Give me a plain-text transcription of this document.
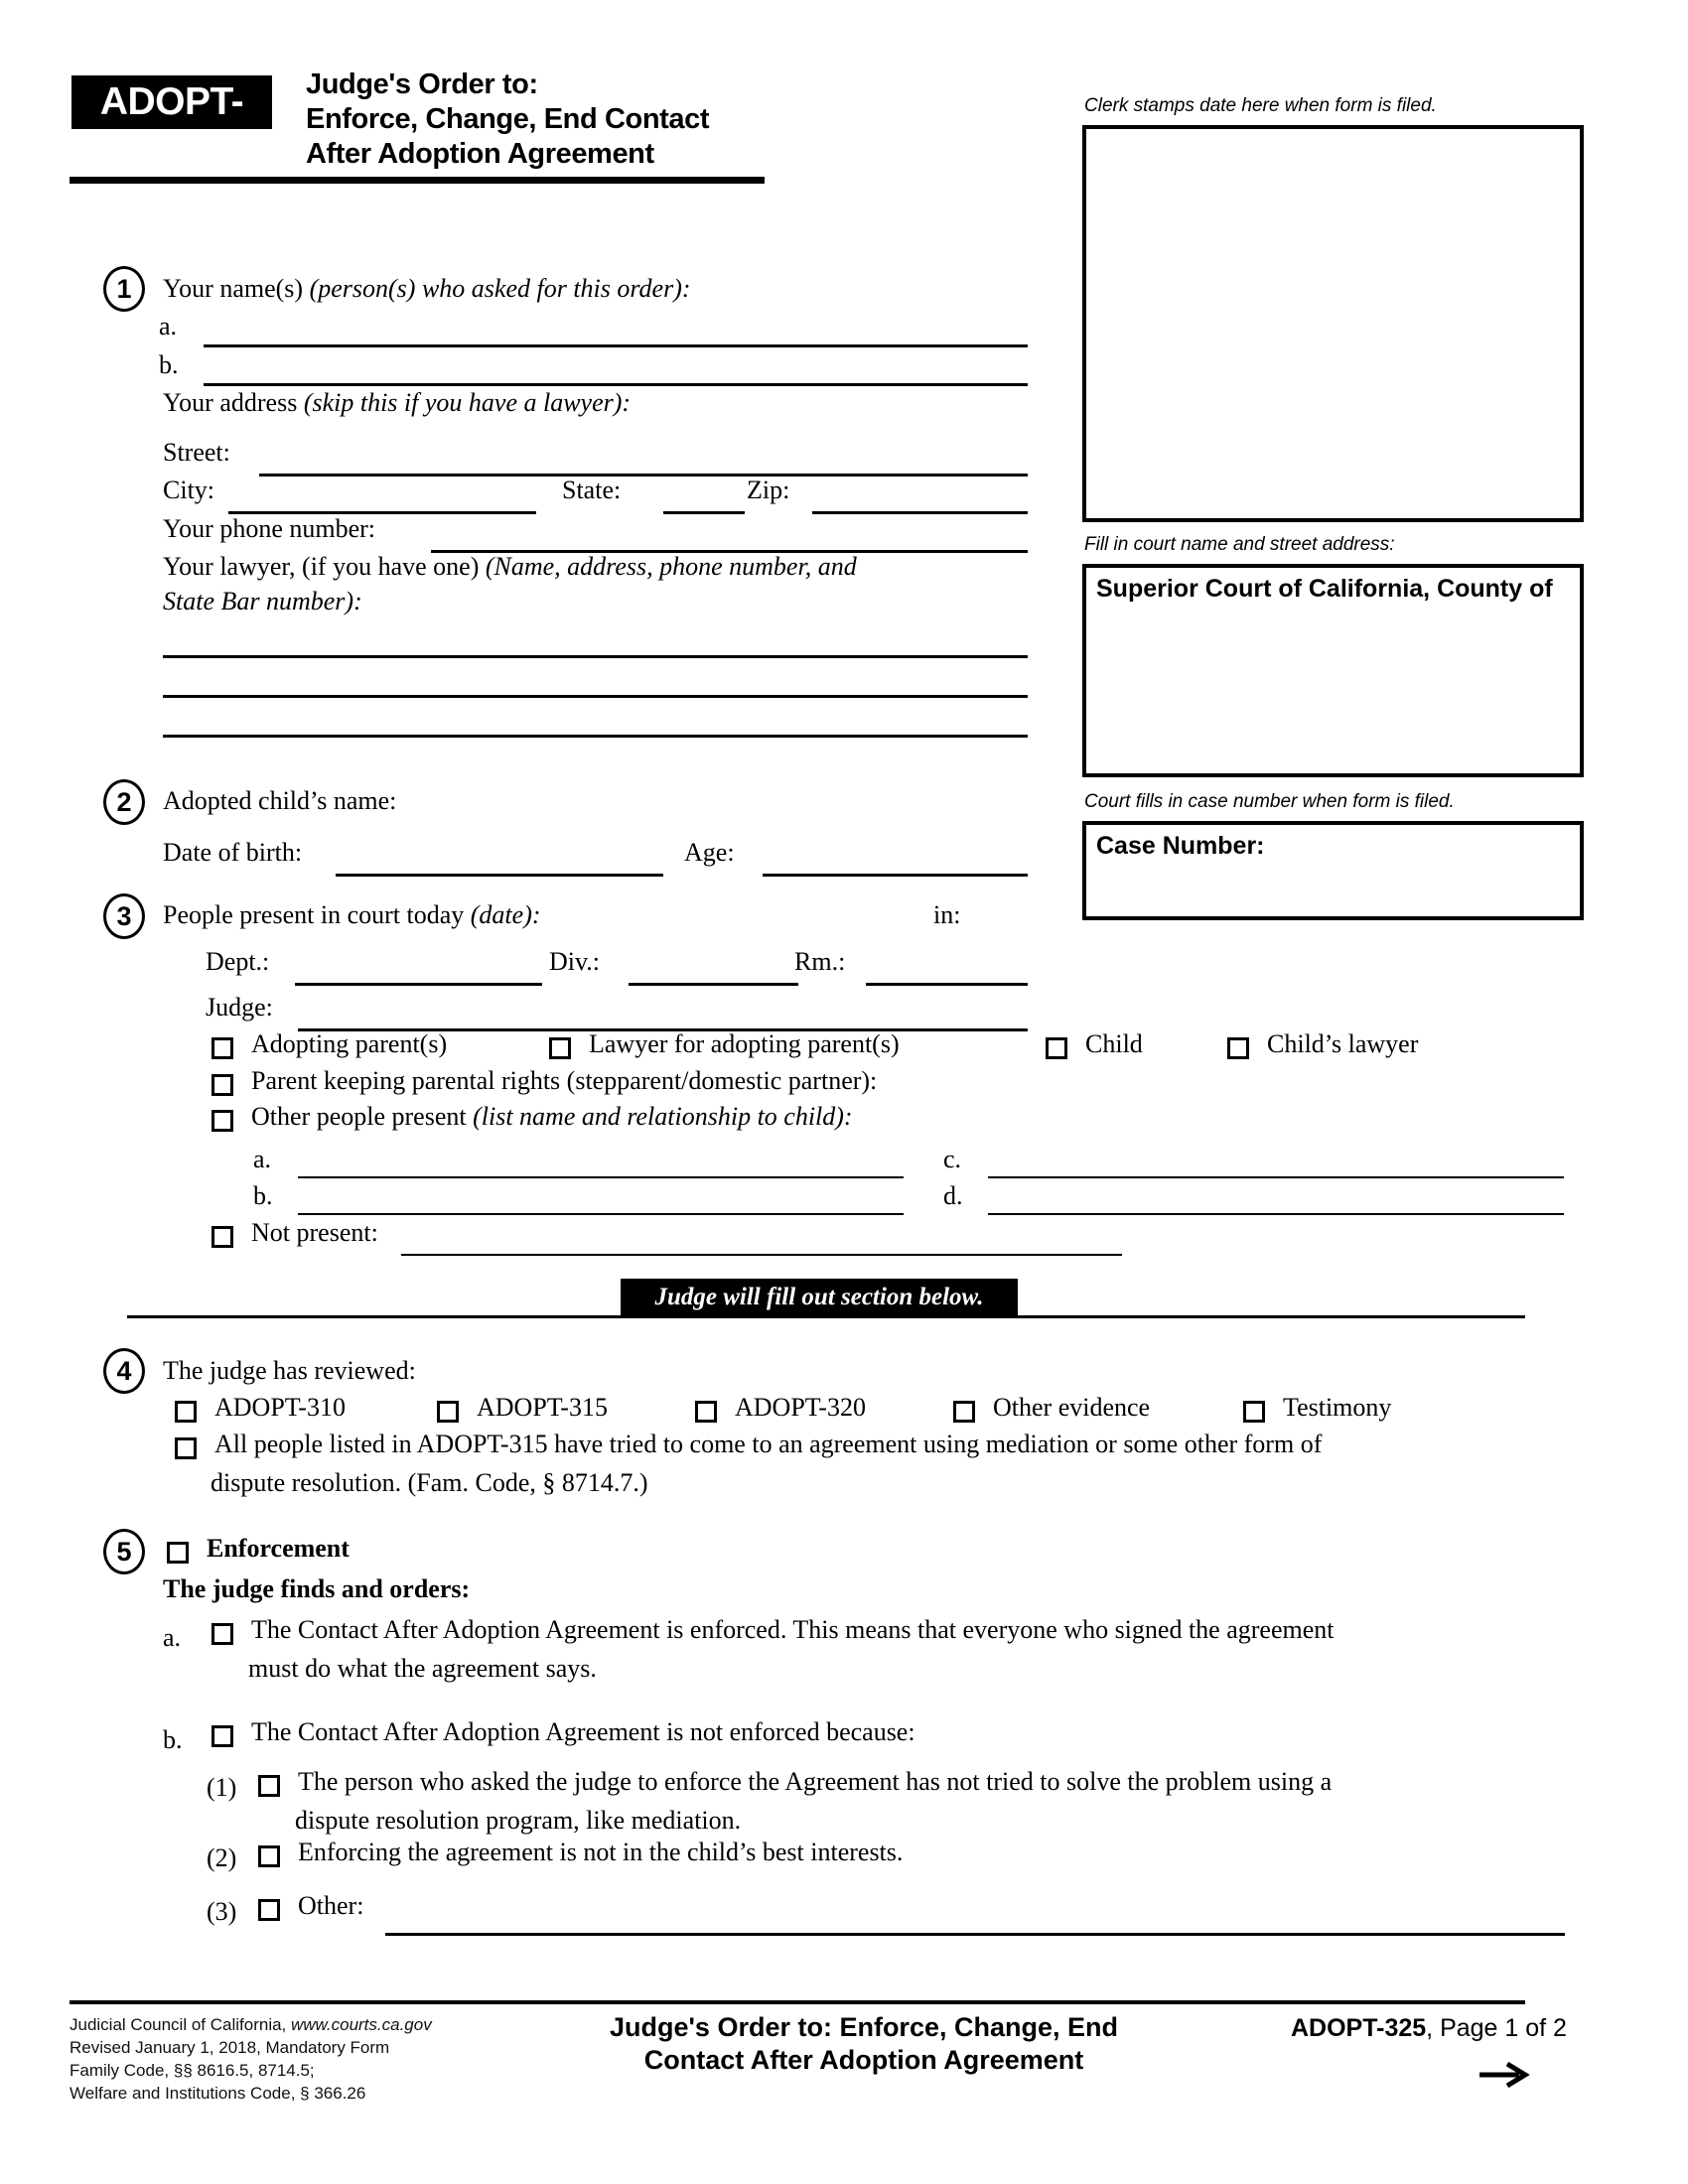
ADOPT-325
Judge's Order to:
Enforce, Change, End Contact
After Adoption Agreement
Clerk stamps date here when form is filed.
Fill in court name and street address:
Superior Court of California, County of
Court fills in case number when form is filed.
Case Number:
1	Your name(s) (person(s) who asked for this order):
a.
b.
Your address (skip this if you have a lawyer):
Street:
City:	State:	Zip:
Your phone number:
Your lawyer, (if you have one) (Name, address, phone number, and
State Bar number):
2	Adopted child’s name:
Date of birth:	Age:
3	People present in court today (date):	in:
Dept.:	Div.:	Rm.:
Judge:
Adopting parent(s)	Lawyer for adopting parent(s)	Child	Child’s lawyer
Parent keeping parental rights (stepparent/domestic partner):
Other people present (list name and relationship to child):
a.
b.
c.
d.
Not present:
Judge will fill out section below.
4	The judge has reviewed:
ADOPT-310	ADOPT-315	ADOPT-320	Other evidence	Testimony
All people listed in ADOPT-315 have tried to come to an agreement using mediation or some other form of
dispute resolution. (Fam. Code, § 8714.7.)
5	Enforcement
The judge finds and orders:
a.	The Contact After Adoption Agreement is enforced. This means that everyone who signed the agreement
must do what the agreement says.
b.	The Contact After Adoption Agreement is not enforced because:
(1)	The person who asked the judge to enforce the Agreement has not tried to solve the problem using a
dispute resolution program, like mediation.
(2)	Enforcing the agreement is not in the child’s best interests.
(3)	Other:
Judicial Council of California, www.courts.ca.gov
Revised January 1, 2018, Mandatory Form
Family Code, §§ 8616.5, 8714.5;
Welfare and Institutions Code, § 366.26
Judge's Order to: Enforce, Change, End
Contact After Adoption Agreement
ADOPT-325, Page 1 of 2
